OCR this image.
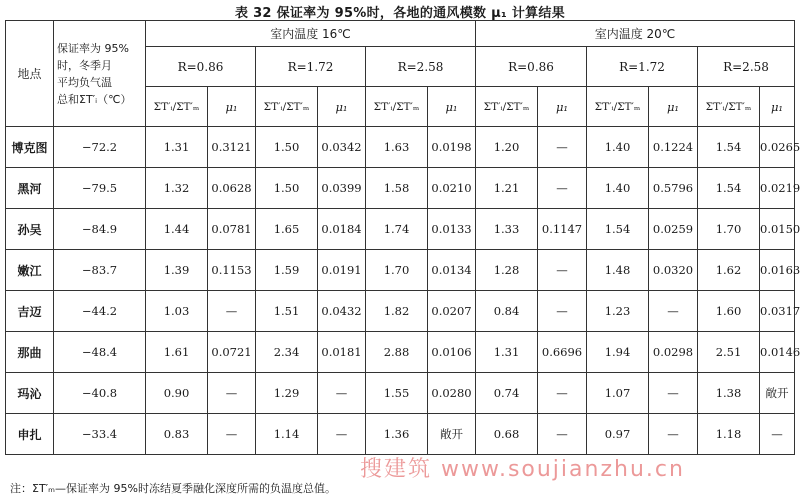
表 32 保证率为 95%时，各地的通风模数 μ₁ 计算结果
地点	保证率为 95%
时，冬季月
平均负气温
总和ΣT′ᵢ（℃）	室内温度 16℃						室内温度 20℃					
		R=0.86		R=1.72		R=2.58		R=0.86		R=1.72		R=2.58	
		ΣT′ᵢ/ΣT′ₘ	μ₁	ΣT′ᵢ/ΣT′ₘ	μ₁	ΣT′ᵢ/ΣT′ₘ	μ₁	ΣT′ᵢ/ΣT′ₘ	μ₁	ΣT′ᵢ/ΣT′ₘ	μ₁	ΣT′ᵢ/ΣT′ₘ	μ₁
博克图	−72.2	1.31	0.3121	1.50	0.0342	1.63	0.0198	1.20	—	1.40	0.1224	1.54	0.0265
黑河	−79.5	1.32	0.0628	1.50	0.0399	1.58	0.0210	1.21	—	1.40	0.5796	1.54	0.0219
孙吴	−84.9	1.44	0.0781	1.65	0.0184	1.74	0.0133	1.33	0.1147	1.54	0.0259	1.70	0.0150
嫩江	−83.7	1.39	0.1153	1.59	0.0191	1.70	0.0134	1.28	—	1.48	0.0320	1.62	0.0163
吉迈	−44.2	1.03	—	1.51	0.0432	1.82	0.0207	0.84	—	1.23	—	1.60	0.0317
那曲	−48.4	1.61	0.0721	2.34	0.0181	2.88	0.0106	1.31	0.6696	1.94	0.0298	2.51	0.0146
玛沁	−40.8	0.90	—	1.29	—	1.55	0.0280	0.74	—	1.07	—	1.38	敞开
申扎	−33.4	0.83	—	1.14	—	1.36	敞开	0.68	—	0.97	—	1.18	—
搜建筑 www.soujianzhu.cn
注：ΣT′ₘ—保证率为 95%时冻结夏季融化深度所需的负温度总值。
